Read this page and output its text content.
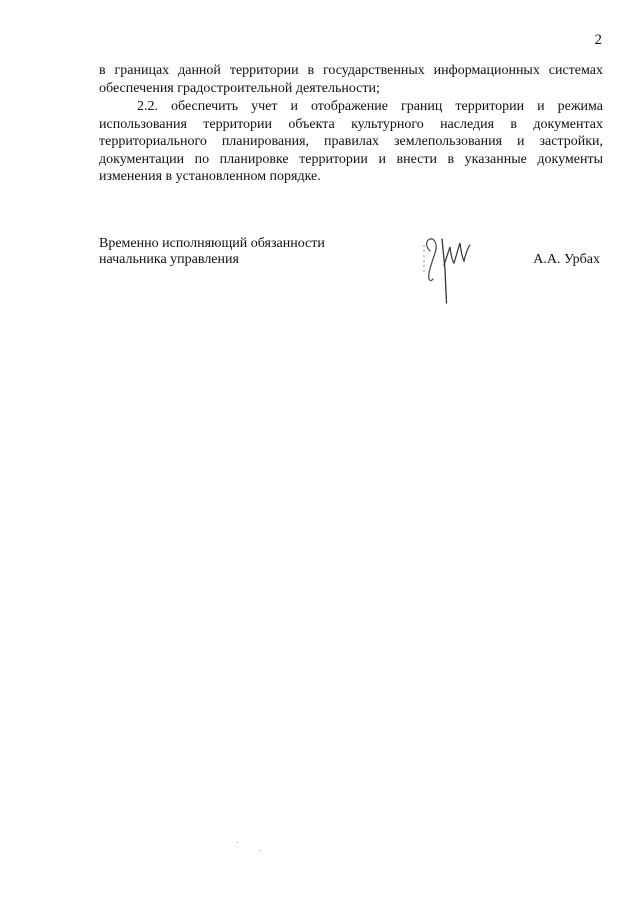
2
в границах данной территории в государственных информационных системах обеспечения градостроительной деятельности;
2.2. обеспечить учет и отображение границ территории и режима использования территории объекта культурного наследия в документах территориального планирования, правилах землепользования и застройки, документации по планировке территории и внести в указанные документы изменения в установленном порядке.
Временно исполняющий обязанности
начальника управления	А.А. Урбах
